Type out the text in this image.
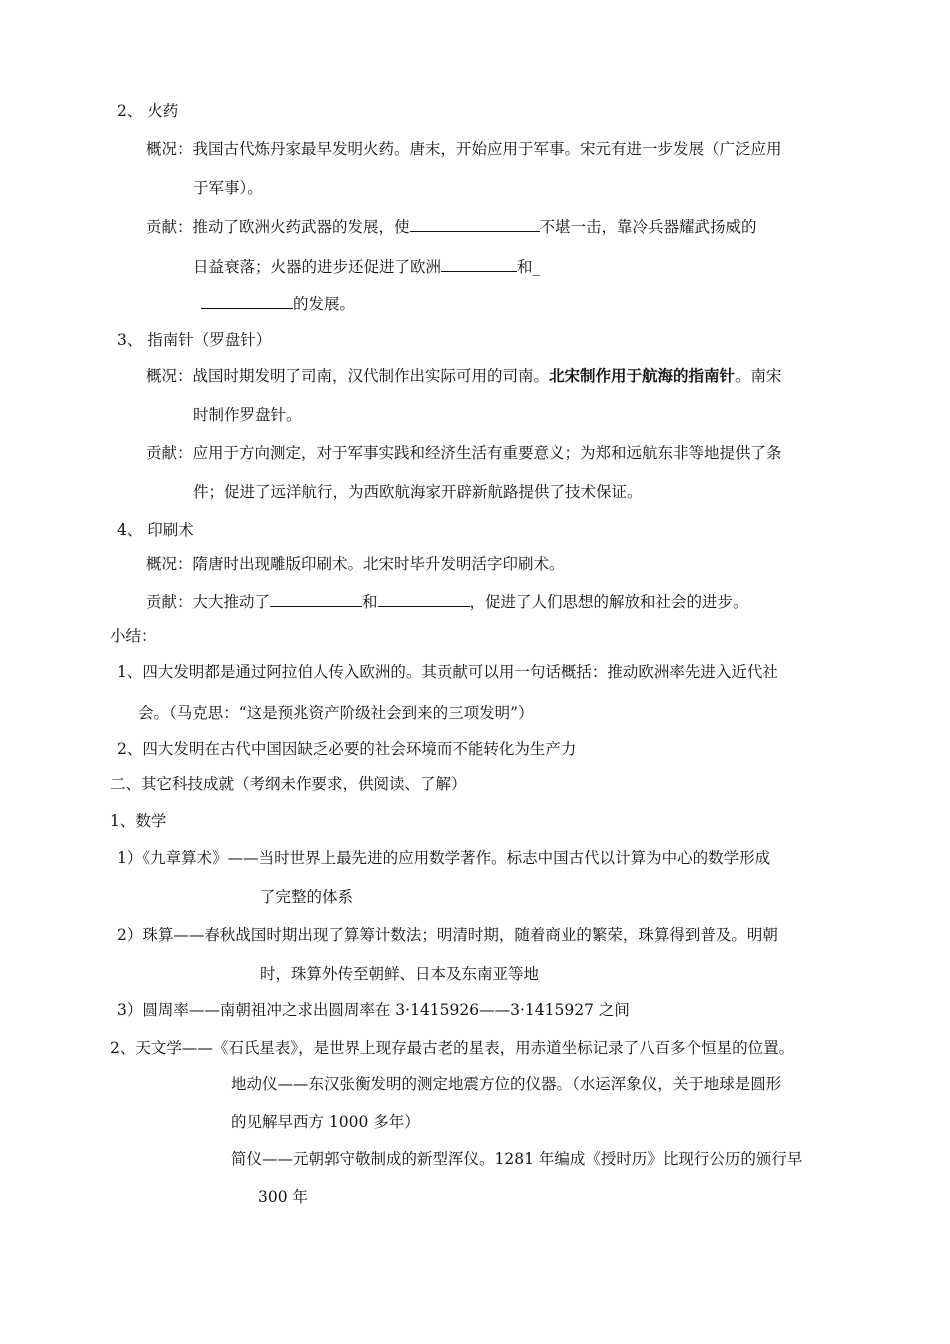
2、 火药
概况：我国古代炼丹家最早发明火药。唐末，开始应用于军事。宋元有进一步发展（广泛应用
于军事）。
贡献：推动了欧洲火药武器的发展，使	不堪一击，靠冷兵器耀武扬威的
日益衰落；火器的进步还促进了欧洲	和_
的发展。
3、 指南针（罗盘针）
概况：战国时期发明了司南，汉代制作出实际可用的司南。北宋制作用于航海的指南针。南宋
时制作罗盘针。
贡献：应用于方向测定，对于军事实践和经济生活有重要意义；为郑和远航东非等地提供了条
件；促进了远洋航行，为西欧航海家开辟新航路提供了技术保证。
4、 印刷术
概况：隋唐时出现雕版印刷术。北宋时毕升发明活字印刷术。
贡献：大大推动了	和	，促进了人们思想的解放和社会的进步。
小结：
1、四大发明都是通过阿拉伯人传入欧洲的。其贡献可以用一句话概括：推动欧洲率先进入近代社
会。（马克思：“这是预兆资产阶级社会到来的三项发明”）
2、四大发明在古代中国因缺乏必要的社会环境而不能转化为生产力
二、其它科技成就（考纲未作要求，供阅读、了解）
1、数学
1）《九章算术》——当时世界上最先进的应用数学著作。标志中国古代以计算为中心的数学形成
了完整的体系
2）珠算——春秋战国时期出现了算筹计数法；明清时期，随着商业的繁荣，珠算得到普及。明朝
时，珠算外传至朝鲜、日本及东南亚等地
3）圆周率——南朝祖冲之求出圆周率在 3·1415926——3·1415927 之间
2、天文学——《石氏星表》，是世界上现存最古老的星表，用赤道坐标记录了八百多个恒星的位置。
地动仪——东汉张衡发明的测定地震方位的仪器。（水运浑象仪，关于地球是圆形
的见解早西方 1000 多年）
简仪——元朝郭守敬制成的新型浑仪。1281 年编成《授时历》比现行公历的颁行早
300 年
